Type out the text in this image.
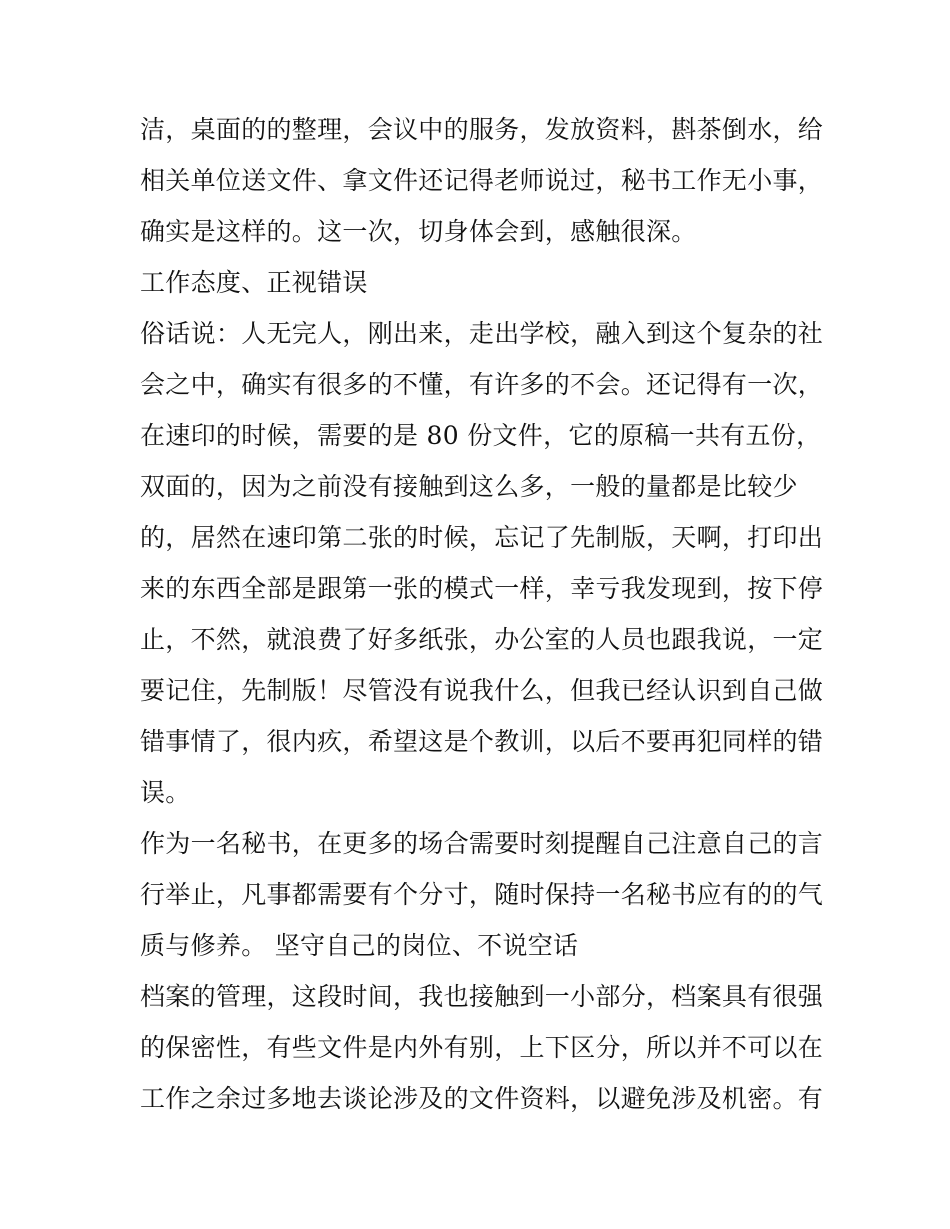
洁，桌面的的整理，会议中的服务，发放资料，斟茶倒水，给
相关单位送文件、拿文件还记得老师说过，秘书工作无小事，
确实是这样的。这一次，切身体会到，感触很深。
工作态度、正视错误
俗话说：人无完人，刚出来，走出学校，融入到这个复杂的社
会之中，确实有很多的不懂，有许多的不会。还记得有一次，
在速印的时候，需要的是 80 份文件，它的原稿一共有五份，
双面的，因为之前没有接触到这么多，一般的量都是比较少
的，居然在速印第二张的时候，忘记了先制版，天啊，打印出
来的东西全部是跟第一张的模式一样，幸亏我发现到，按下停
止，不然，就浪费了好多纸张，办公室的人员也跟我说，一定
要记住，先制版！尽管没有说我什么，但我已经认识到自己做
错事情了，很内疚，希望这是个教训，以后不要再犯同样的错
误。
作为一名秘书，在更多的场合需要时刻提醒自己注意自己的言
行举止，凡事都需要有个分寸，随时保持一名秘书应有的的气
质与修养。 坚守自己的岗位、不说空话
档案的管理，这段时间，我也接触到一小部分，档案具有很强
的保密性，有些文件是内外有别，上下区分，所以并不可以在
工作之余过多地去谈论涉及的文件资料，以避免涉及机密。有
